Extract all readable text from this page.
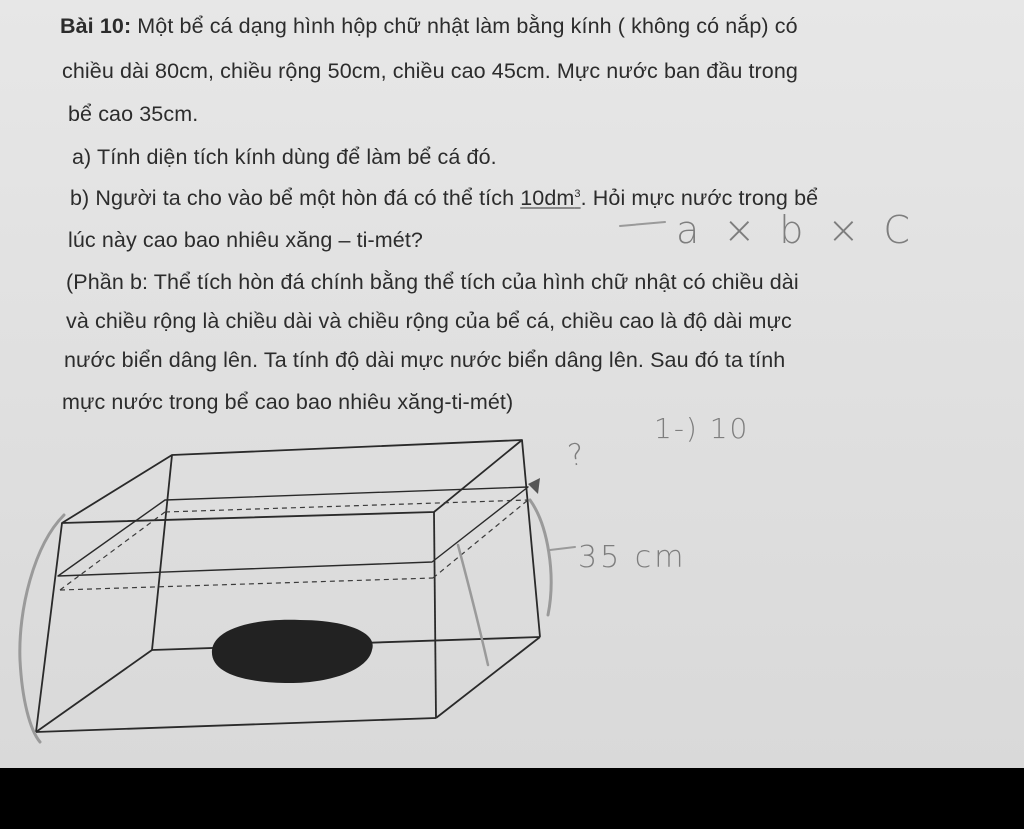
Bài 10: Một bể cá dạng hình hộp chữ nhật làm bằng kính ( không có nắp) có
chiều dài 80cm, chiều rộng 50cm, chiều cao 45cm. Mực nước ban đầu trong
bể cao 35cm.
a) Tính diện tích kính dùng để làm bể cá đó.
b) Người ta cho vào bể một hòn đá có thể tích $10dm^3$. Hỏi mực nước trong bể
lúc này cao bao nhiêu xăng – ti-mét?
(Phần b: Thể tích hòn đá chính bằng thể tích của hình chữ nhật có chiều dài
và chiều rộng là chiều dài và chiều rộng của bể cá, chiều cao là độ dài mực
nước biển dâng lên. Ta tính độ dài mực nước biển dâng lên. Sau đó ta tính
mực nước trong bể cao bao nhiêu xăng-ti-mét)
a × b × C
?
1-) 10
35 cm
